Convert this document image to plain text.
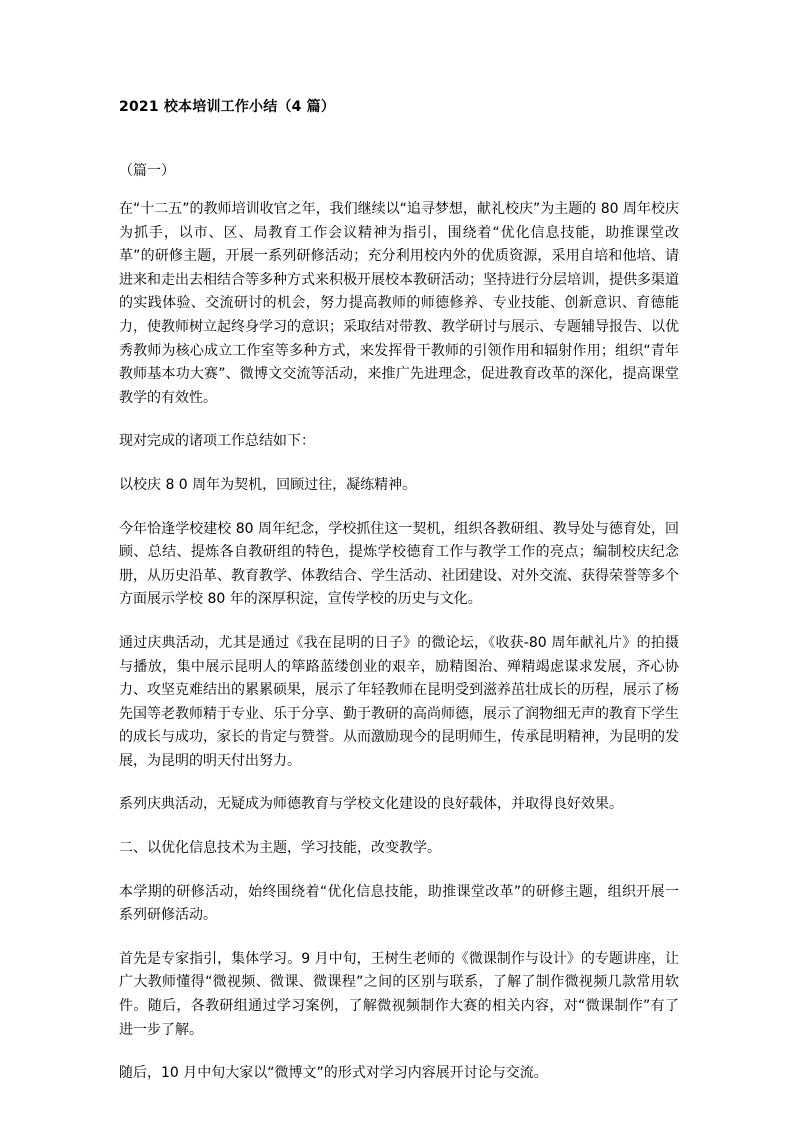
2021 校本培训工作小结（4 篇）

（篇一）

在“十二五”的教师培训收官之年，我们继续以“追寻梦想，献礼校庆”为主题的 80 周年校庆为抓手，以市、区、局教育工作会议精神为指引，围绕着“优化信息技能，助推课堂改革”的研修主题，开展一系列研修活动；充分利用校内外的优质资源，采用自培和他培、请进来和走出去相结合等多种方式来积极开展校本教研活动；坚持进行分层培训，提供多渠道的实践体验、交流研讨的机会，努力提高教师的师德修养、专业技能、创新意识、育德能力，使教师树立起终身学习的意识；采取结对带教、教学研讨与展示、专题辅导报告、以优秀教师为核心成立工作室等多种方式，来发挥骨干教师的引领作用和辐射作用；组织“青年教师基本功大赛”、微博文交流等活动，来推广先进理念，促进教育改革的深化，提高课堂教学的有效性。

现对完成的诸项工作总结如下：

以校庆 8 0 周年为契机，回顾过往，凝练精神。

今年恰逢学校建校 80 周年纪念，学校抓住这一契机，组织各教研组、教导处与德育处，回顾、总结、提炼各自教研组的特色，提炼学校德育工作与教学工作的亮点；编制校庆纪念册，从历史沿革、教育教学、体教结合、学生活动、社团建设、对外交流、获得荣誉等多个方面展示学校 80 年的深厚积淀，宣传学校的历史与文化。

通过庆典活动，尤其是通过《我在昆明的日子》的微论坛，《收获-80 周年献礼片》的拍摄与播放，集中展示昆明人的筚路蓝缕创业的艰辛，励精图治、殚精竭虑谋求发展，齐心协力、攻坚克难结出的累累硕果，展示了年轻教师在昆明受到滋养茁壮成长的历程，展示了杨先国等老教师精于专业、乐于分享、勤于教研的高尚师德，展示了润物细无声的教育下学生的成长与成功，家长的肯定与赞誉。从而激励现今的昆明师生，传承昆明精神，为昆明的发展，为昆明的明天付出努力。

系列庆典活动，无疑成为师德教育与学校文化建设的良好载体，并取得良好效果。

二、以优化信息技术为主题，学习技能，改变教学。

本学期的研修活动，始终围绕着“优化信息技能，助推课堂改革”的研修主题，组织开展一系列研修活动。

首先是专家指引，集体学习。9 月中旬，王树生老师的《微课制作与设计》的专题讲座，让广大教师懂得“微视频、微课、微课程”之间的区别与联系，了解了制作微视频几款常用软件。随后，各教研组通过学习案例，了解微视频制作大赛的相关内容，对“微课制作”有了进一步了解。

随后，10 月中旬大家以“微博文”的形式对学习内容展开讨论与交流。
